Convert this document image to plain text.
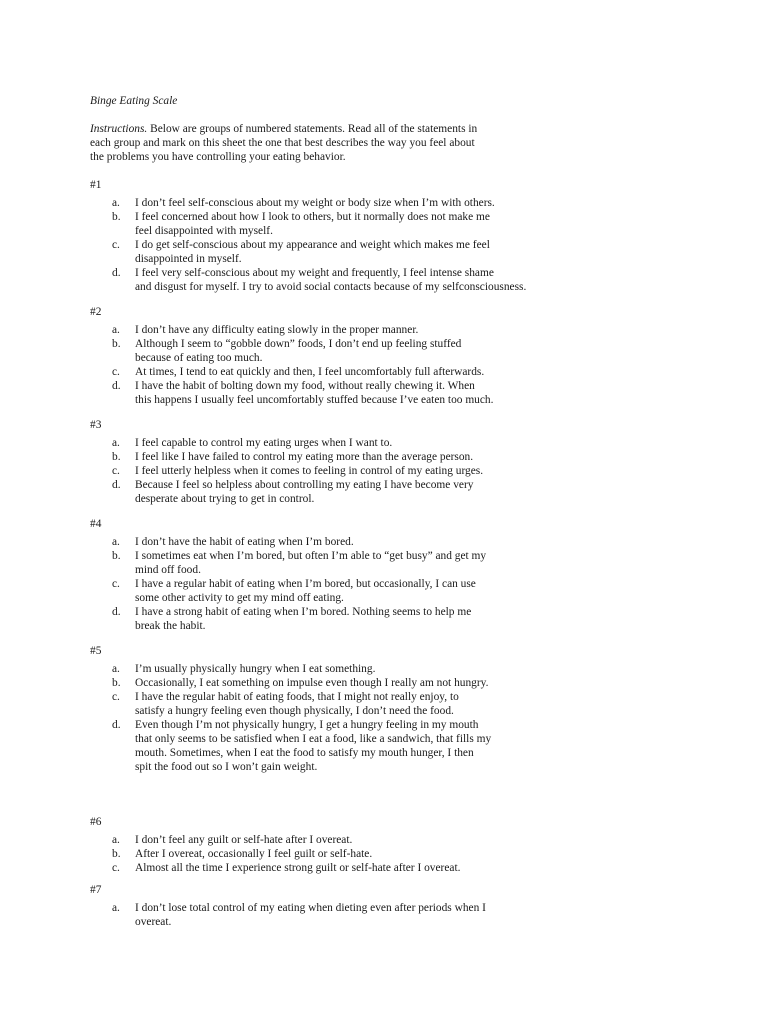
Binge Eating Scale
Instructions. Below are groups of numbered statements. Read all of the statements in
each group and mark on this sheet the one that best describes the way you feel about
the problems you have controlling your eating behavior.
#1
a. I don’t feel self-conscious about my weight or body size when I’m with others.
b. I feel concerned about how I look to others, but it normally does not make me
feel disappointed with myself.
c. I do get self-conscious about my appearance and weight which makes me feel
disappointed in myself.
d. I feel very self-conscious about my weight and frequently, I feel intense shame
and disgust for myself. I try to avoid social contacts because of my selfconsciousness.
#2
a. I don’t have any difficulty eating slowly in the proper manner.
b. Although I seem to “gobble down” foods, I don’t end up feeling stuffed
because of eating too much.
c. At times, I tend to eat quickly and then, I feel uncomfortably full afterwards.
d. I have the habit of bolting down my food, without really chewing it. When
this happens I usually feel uncomfortably stuffed because I’ve eaten too much.
#3
a. I feel capable to control my eating urges when I want to.
b. I feel like I have failed to control my eating more than the average person.
c. I feel utterly helpless when it comes to feeling in control of my eating urges.
d. Because I feel so helpless about controlling my eating I have become very
desperate about trying to get in control.
#4
a. I don’t have the habit of eating when I’m bored.
b. I sometimes eat when I’m bored, but often I’m able to “get busy” and get my
mind off food.
c. I have a regular habit of eating when I’m bored, but occasionally, I can use
some other activity to get my mind off eating.
d. I have a strong habit of eating when I’m bored. Nothing seems to help me
break the habit.
#5
a. I’m usually physically hungry when I eat something.
b. Occasionally, I eat something on impulse even though I really am not hungry.
c. I have the regular habit of eating foods, that I might not really enjoy, to
satisfy a hungry feeling even though physically, I don’t need the food.
d. Even though I’m not physically hungry, I get a hungry feeling in my mouth
that only seems to be satisfied when I eat a food, like a sandwich, that fills my
mouth. Sometimes, when I eat the food to satisfy my mouth hunger, I then
spit the food out so I won’t gain weight.
#6
a. I don’t feel any guilt or self-hate after I overeat.
b. After I overeat, occasionally I feel guilt or self-hate.
c. Almost all the time I experience strong guilt or self-hate after I overeat.
#7
a. I don’t lose total control of my eating when dieting even after periods when I
overeat.
